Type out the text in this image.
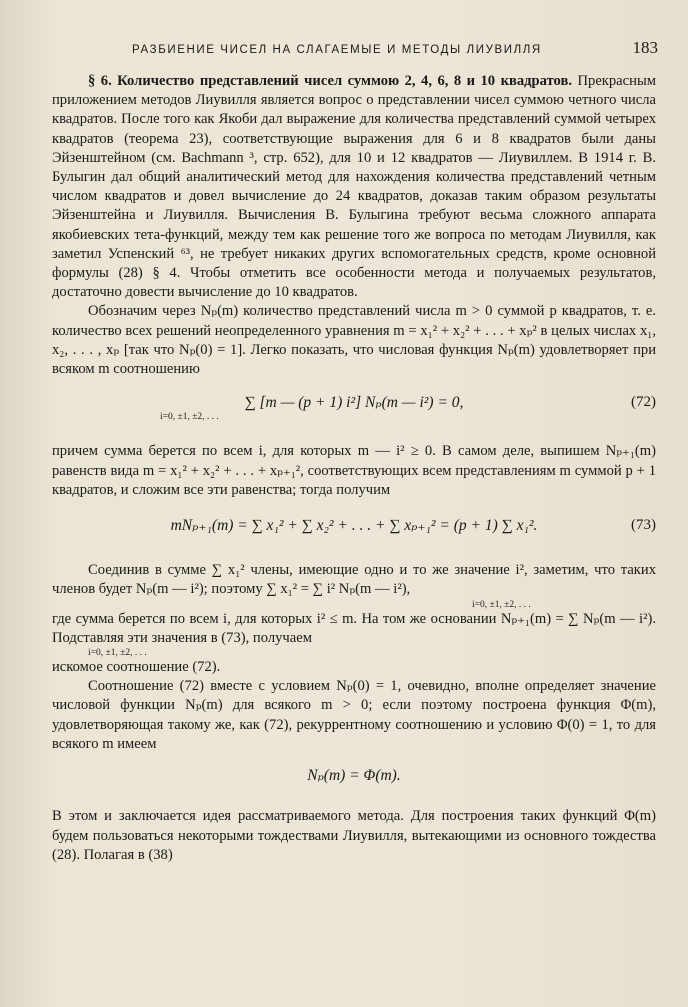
РАЗБИЕНИЕ ЧИСЕЛ НА СЛАГАЕМЫЕ И МЕТОДЫ ЛИУВИЛЛЯ	183

§ 6. Количество представлений чисел суммою 2, 4, 6, 8 и 10 квадратов. Прекрасным приложением методов Лиувилля является вопрос о представлении чисел суммою четного числа квадратов. После того как Якоби дал выражение для количества представлений суммой четырех квадратов (теорема 23), соответствующие выражения для 6 и 8 квадратов были даны Эйзенштейном (см. Bachmann ³, стр. 652), для 10 и 12 квадратов — Лиувиллем. В 1914 г. В. Булыгин дал общий аналитический метод для нахождения количества представлений четным числом квадратов и довел вычисление до 24 квадратов, доказав таким образом результаты Эйзенштейна и Лиувилля. Вычисления В. Булыгина требуют весьма сложного аппарата якобиевских тета-функций, между тем как решение того же вопроса по методам Лиувилля, как заметил Успенский ⁶³, не требует никаких других вспомогательных средств, кроме основной формулы (28) § 4. Чтобы отметить все особенности метода и получаемых результатов, достаточно довести вычисление до 10 квадратов.

Обозначим через Nₚ(m) количество представлений числа m > 0 суммой p квадратов, т. е. количество всех решений неопределенного уравнения m = x₁² + x₂² + . . . + xₚ² в целых числах x₁, x₂, . . . , xₚ [так что Nₚ(0) = 1]. Легко показать, что числовая функция Nₚ(m) удовлетворяет при всяком m соотношению

∑ [m — (p + 1) i²] Nₚ(m — i²) = 0,	(72)
i=0, ±1, ±2, . . .

причем сумма берется по всем i, для которых m — i² ≥ 0. В самом деле, выпишем Nₚ₊₁(m) равенств вида m = x₁² + x₂² + . . . + xₚ₊₁², соответствующих всем представлениям m суммой p + 1 квадратов, и сложим все эти равенства; тогда получим

mNₚ₊₁(m) = ∑ x₁² + ∑ x₂² + . . . + ∑ xₚ₊₁² = (p + 1) ∑ x₁².	(73)

Соединив в сумме ∑ x₁² члены, имеющие одно и то же значение i², заметим, что таких членов будет Nₚ(m — i²); поэтому ∑ x₁² = ∑ i² Nₚ(m — i²),

i=0, ±1, ±2, . . .

где сумма берется по всем i, для которых i² ≤ m. На том же основании Nₚ₊₁(m) = ∑ Nₚ(m — i²). Подставляя эти значения в (73), получаем

i=0, ±1, ±2, . . .

искомое соотношение (72).

Соотношение (72) вместе с условием Nₚ(0) = 1, очевидно, вполне определяет значение числовой функции Nₚ(m) для всякого m > 0; если поэтому построена функция Φ(m), удовлетворяющая такому же, как (72), рекуррентному соотношению и условию Φ(0) = 1, то для всякого m имеем

Nₚ(m) = Φ(m).

В этом и заключается идея рассматриваемого метода. Для построения таких функций Φ(m) будем пользоваться некоторыми тождествами Лиувилля, вытекающими из основного тождества (28). Полагая в (38)
